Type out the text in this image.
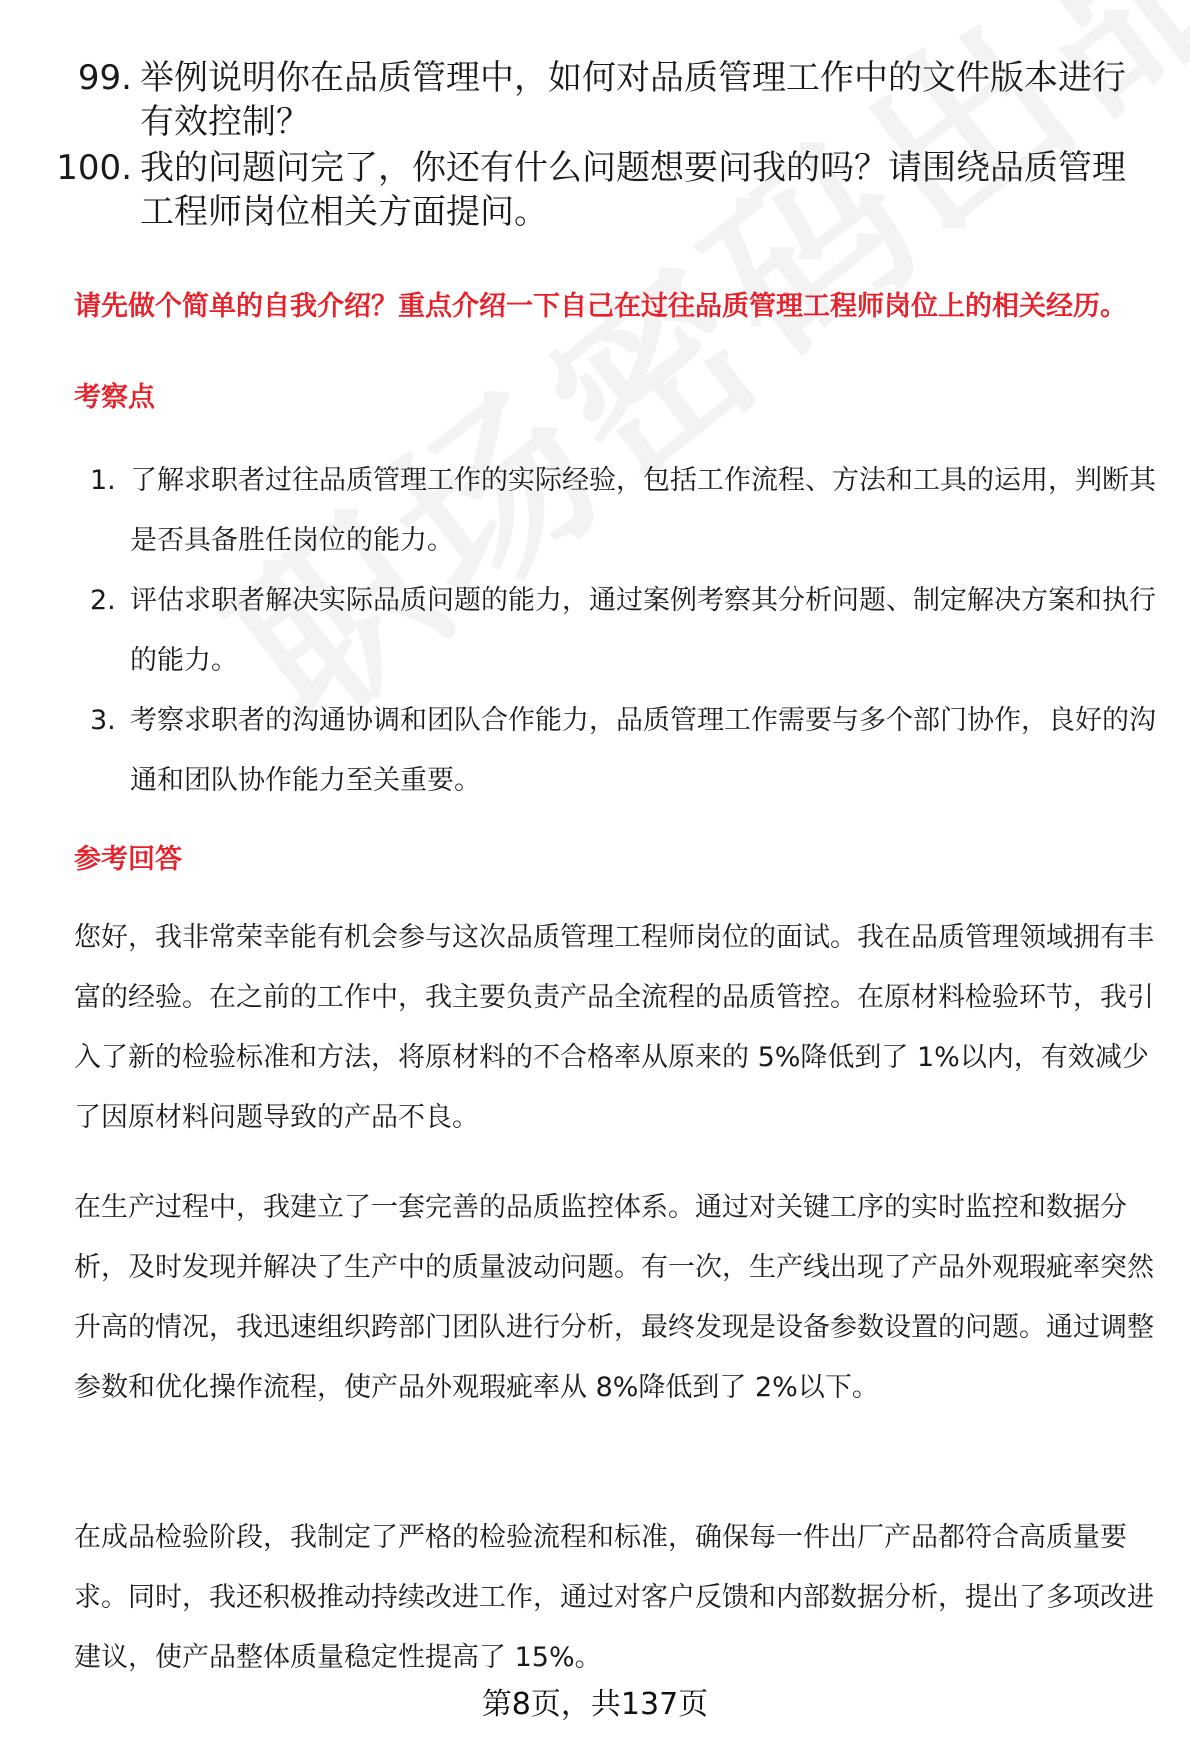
99. 举例说明你在品质管理中，如何对品质管理工作中的文件版本进行有效控制？
100. 我的问题问完了，你还有什么问题想要问我的吗？请围绕品质管理工程师岗位相关方面提问。
请先做个简单的自我介绍？重点介绍一下自己在过往品质管理工程师岗位上的相关经历。
考察点
1. 了解求职者过往品质管理工作的实际经验，包括工作流程、方法和工具的运用，判断其是否具备胜任岗位的能力。
2. 评估求职者解决实际品质问题的能力，通过案例考察其分析问题、制定解决方案和执行的能力。
3. 考察求职者的沟通协调和团队合作能力，品质管理工作需要与多个部门协作，良好的沟通和团队协作能力至关重要。
参考回答
您好，我非常荣幸能有机会参与这次品质管理工程师岗位的面试。我在品质管理领域拥有丰富的经验。在之前的工作中，我主要负责产品全流程的品质管控。在原材料检验环节，我引入了新的检验标准和方法，将原材料的不合格率从原来的 5%降低到了 1%以内，有效减少了因原材料问题导致的产品不良。
在生产过程中，我建立了一套完善的品质监控体系。通过对关键工序的实时监控和数据分析，及时发现并解决了生产中的质量波动问题。有一次，生产线出现了产品外观瑕疵率突然升高的情况，我迅速组织跨部门团队进行分析，最终发现是设备参数设置的问题。通过调整参数和优化操作流程，使产品外观瑕疵率从 8%降低到了 2%以下。
在成品检验阶段，我制定了严格的检验流程和标准，确保每一件出厂产品都符合高质量要求。同时，我还积极推动持续改进工作，通过对客户反馈和内部数据分析，提出了多项改进建议，使产品整体质量稳定性提高了 15%。
第8页，共137页
